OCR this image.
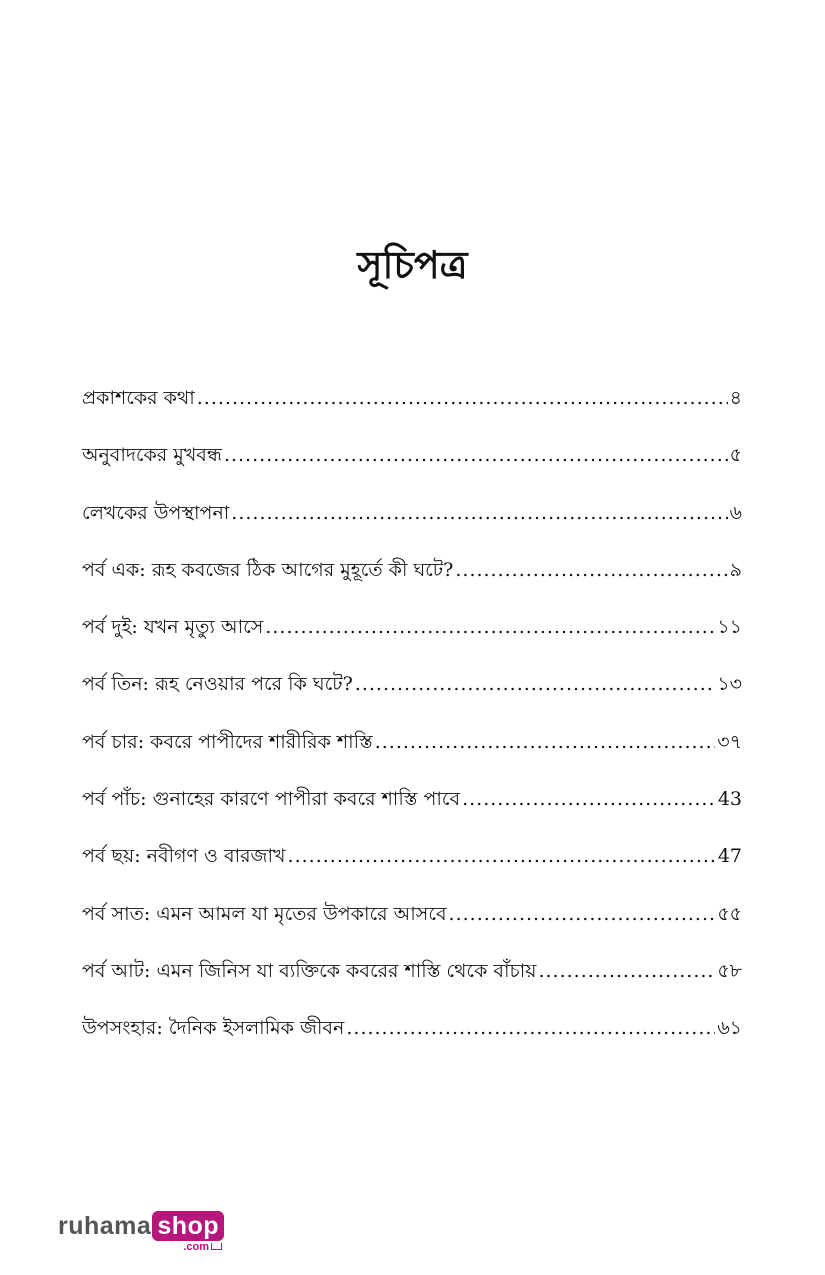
সূচিপত্র
প্রকাশকের কথা .....	৪
অনুবাদকের মুখবন্ধ .....	৫
লেখকের উপস্থাপনা .....	৬
পর্ব এক: রূহ কবজের ঠিক আগের মুহূর্তে কী ঘটে? .....	৯
পর্ব দুই: যখন মৃত্যু আসে .....	১১
পর্ব তিন: রূহ নেওয়ার পরে কি ঘটে? .....	১৩
পর্ব চার: কবরে পাপীদের শারীরিক শাস্তি .....	৩৭
পর্ব পাঁচ: গুনাহের কারণে পাপীরা কবরে শাস্তি পাবে .....	43
পর্ব ছয়: নবীগণ ও বারজাখ .....	47
পর্ব সাত: এমন আমল যা মৃতের উপকারে আসবে .....	৫৫
পর্ব আট: এমন জিনিস যা ব্যক্তিকে কবরের শাস্তি থেকে বাঁচায় .....	৫৮
উপসংহার: দৈনিক ইসলামিক জীবন .....	৬১
ruhama shop
.com
